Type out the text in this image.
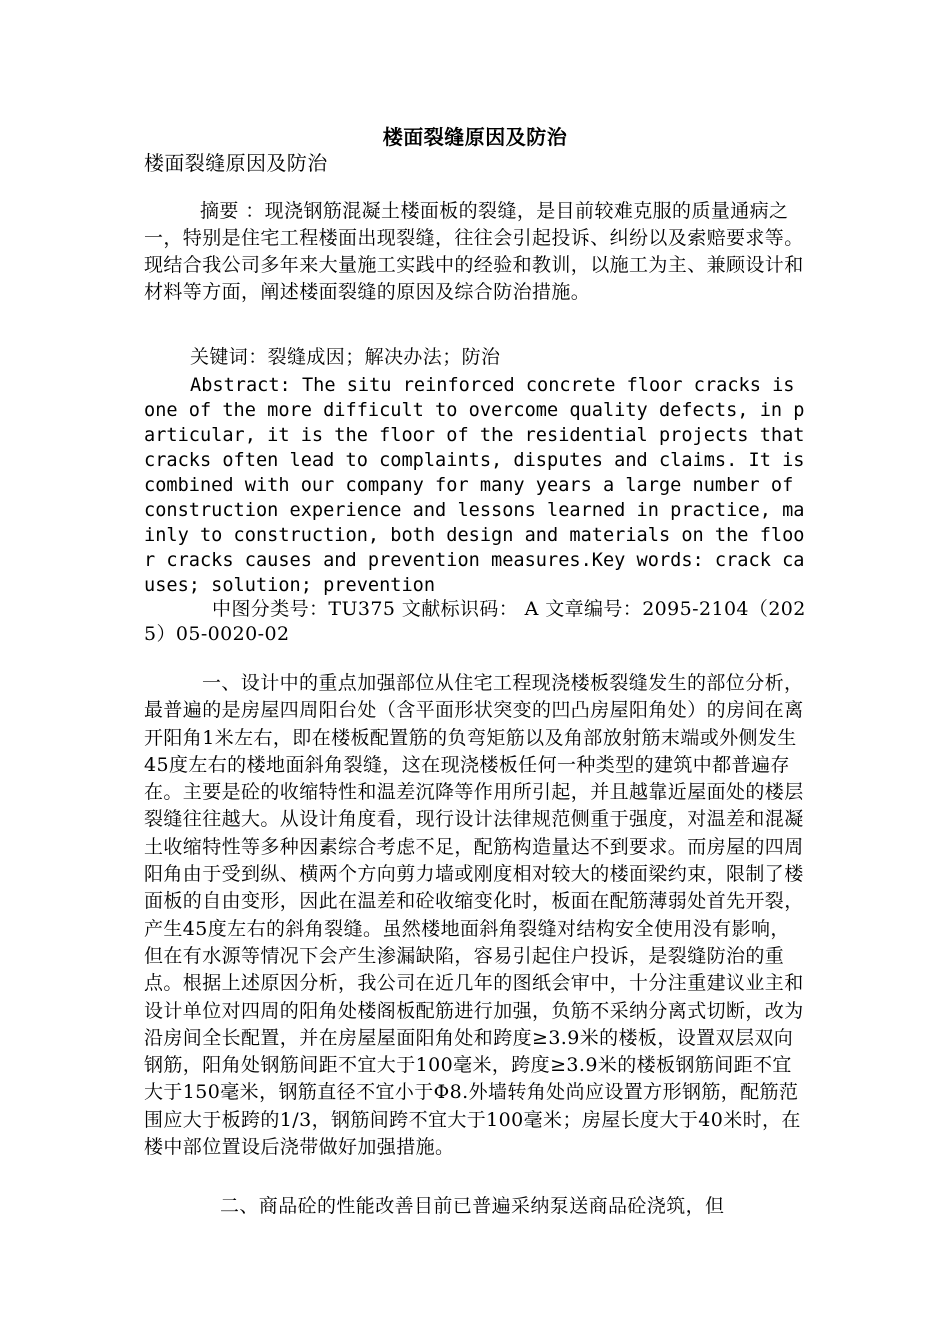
楼面裂缝原因及防治

楼面裂缝原因及防治

摘要 ：现浇钢筋混凝土楼面板的裂缝，是目前较难克服的质量通病之一，特别是住宅工程楼面出现裂缝，往往会引起投诉、纠纷以及索赔要求等。现结合我公司多年来大量施工实践中的经验和教训，以施工为主、兼顾设计和材料等方面，阐述楼面裂缝的原因及综合防治措施。

关键词：裂缝成因；解决办法；防治

Abstract: The situ reinforced concrete floor cracks is one of the more difficult to overcome quality defects, in particular, it is the floor of the residential projects that cracks often lead to complaints, disputes and claims. It is combined with our company for many years a large number of construction experience and lessons learned in practice, mainly to construction, both design and materials on the floor cracks causes and prevention measures.Key words: crack causes; solution; prevention

中图分类号：TU375 文献标识码： A 文章编号：2095-2104（2025）05-0020-02

一、设计中的重点加强部位从住宅工程现浇楼板裂缝发生的部位分析，最普遍的是房屋四周阳台处（含平面形状突变的凹凸房屋阳角处）的房间在离开阳角1米左右，即在楼板配置筋的负弯矩筋以及角部放射筋末端或外侧发生45度左右的楼地面斜角裂缝，这在现浇楼板任何一种类型的建筑中都普遍存在。主要是砼的收缩特性和温差沉降等作用所引起，并且越靠近屋面处的楼层裂缝往往越大。从设计角度看，现行设计法律规范侧重于强度，对温差和混凝土收缩特性等多种因素综合考虑不足，配筋构造量达不到要求。而房屋的四周阳角由于受到纵、横两个方向剪力墙或刚度相对较大的楼面梁约束，限制了楼面板的自由变形，因此在温差和砼收缩变化时，板面在配筋薄弱处首先开裂，产生45度左右的斜角裂缝。虽然楼地面斜角裂缝对结构安全使用没有影响，但在有水源等情况下会产生渗漏缺陷，容易引起住户投诉，是裂缝防治的重点。根据上述原因分析，我公司在近几年的图纸会审中，十分注重建议业主和设计单位对四周的阳角处楼阁板配筋进行加强，负筋不采纳分离式切断，改为沿房间全长配置，并在房屋屋面阳角处和跨度≥3.9米的楼板，设置双层双向钢筋，阳角处钢筋间距不宜大于100毫米，跨度≥3.9米的楼板钢筋间距不宜大于150毫米，钢筋直径不宜小于Φ8.外墙转角处尚应设置方形钢筋，配筋范围应大于板跨的1/3，钢筋间跨不宜大于100毫米；房屋长度大于40米时，在楼中部位置设后浇带做好加强措施。

二、商品砼的性能改善目前已普遍采纳泵送商品砼浇筑，但
